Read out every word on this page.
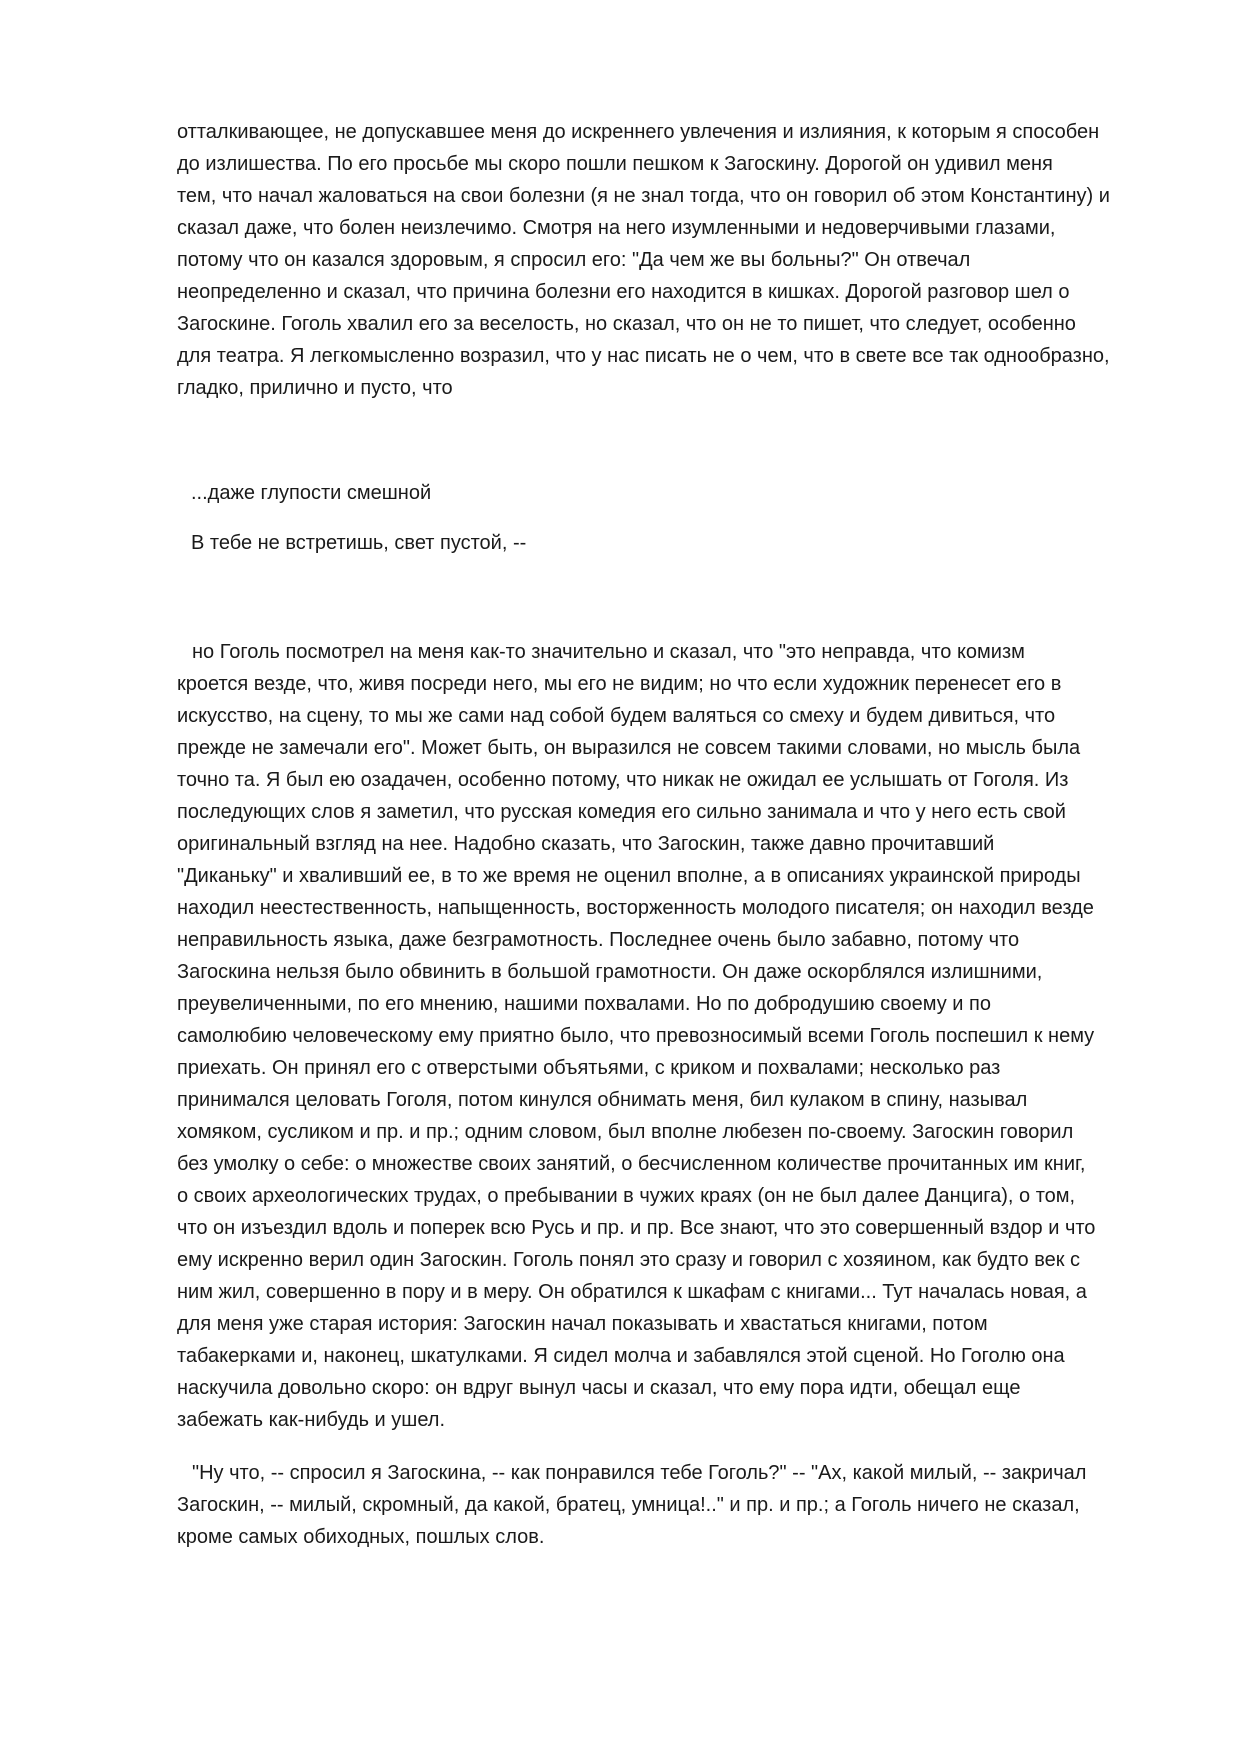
отталкивающее, не допускавшее меня до искреннего увлечения и излияния, к которым я способен
до излишества. По его просьбе мы скоро пошли пешком к Загоскину. Дорогой он удивил меня
тем, что начал жаловаться на свои болезни (я не знал тогда, что он говорил об этом Константину) и
сказал даже, что болен неизлечимо. Смотря на него изумленными и недоверчивыми глазами,
потому что он казался здоровым, я спросил его: "Да чем же вы больны?" Он отвечал
неопределенно и сказал, что причина болезни его находится в кишках. Дорогой разговор шел о
Загоскине. Гоголь хвалил его за веселость, но сказал, что он не то пишет, что следует, особенно
для театра. Я легкомысленно возразил, что у нас писать не о чем, что в свете все так однообразно,
гладко, прилично и пусто, что

...даже глупости смешной
В тебе не встретишь, свет пустой, --

но Гоголь посмотрел на меня как-то значительно и сказал, что "это неправда, что комизм
кроется везде, что, живя посреди него, мы его не видим; но что если художник перенесет его в
искусство, на сцену, то мы же сами над собой будем валяться со смеху и будем дивиться, что
прежде не замечали его". Может быть, он выразился не совсем такими словами, но мысль была
точно та. Я был ею озадачен, особенно потому, что никак не ожидал ее услышать от Гоголя. Из
последующих слов я заметил, что русская комедия его сильно занимала и что у него есть свой
оригинальный взгляд на нее. Надобно сказать, что Загоскин, также давно прочитавший
"Диканьку" и хваливший ее, в то же время не оценил вполне, а в описаниях украинской природы
находил неестественность, напыщенность, восторженность молодого писателя; он находил везде
неправильность языка, даже безграмотность. Последнее очень было забавно, потому что
Загоскина нельзя было обвинить в большой грамотности. Он даже оскорблялся излишними,
преувеличенными, по его мнению, нашими похвалами. Но по добродушию своему и по
самолюбию человеческому ему приятно было, что превозносимый всеми Гоголь поспешил к нему
приехать. Он принял его с отверстыми объятьями, с криком и похвалами; несколько раз
принимался целовать Гоголя, потом кинулся обнимать меня, бил кулаком в спину, называл
хомяком, сусликом и пр. и пр.; одним словом, был вполне любезен по-своему. Загоскин говорил
без умолку о себе: о множестве своих занятий, о бесчисленном количестве прочитанных им книг,
о своих археологических трудах, о пребывании в чужих краях (он не был далее Данцига), о том,
что он изъездил вдоль и поперек всю Русь и пр. и пр. Все знают, что это совершенный вздор и что
ему искренно верил один Загоскин. Гоголь понял это сразу и говорил с хозяином, как будто век с
ним жил, совершенно в пору и в меру. Он обратился к шкафам с книгами... Тут началась новая, а
для меня уже старая история: Загоскин начал показывать и хвастаться книгами, потом
табакерками и, наконец, шкатулками. Я сидел молча и забавлялся этой сценой. Но Гоголю она
наскучила довольно скоро: он вдруг вынул часы и сказал, что ему пора идти, обещал еще
забежать как-нибудь и ушел.

"Ну что, -- спросил я Загоскина, -- как понравился тебе Гоголь?" -- "Ах, какой милый, -- закричал
Загоскин, -- милый, скромный, да какой, братец, умница!.." и пр. и пр.; а Гоголь ничего не сказал,
кроме самых обиходных, пошлых слов.
